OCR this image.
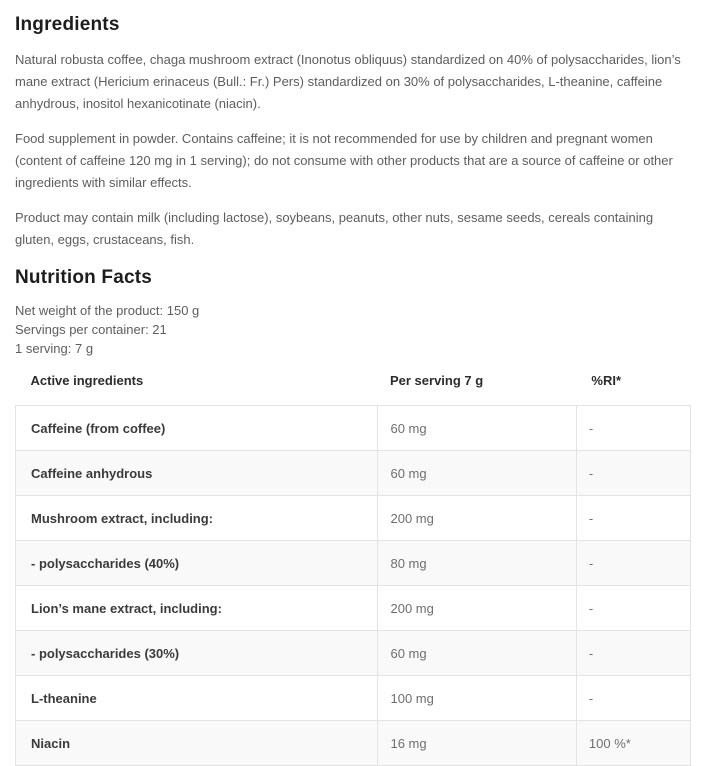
Ingredients

Natural robusta coffee, chaga mushroom extract (Inonotus obliquus) standardized on 40% of polysaccharides, lion’s mane extract (Hericium erinaceus (Bull.: Fr.) Pers) standardized on 30% of polysaccharides, L-theanine, caffeine anhydrous, inositol hexanicotinate (niacin).

Food supplement in powder. Contains caffeine; it is not recommended for use by children and pregnant women (content of caffeine 120 mg in 1 serving); do not consume with other products that are a source of caffeine or other ingredients with similar effects.

Product may contain milk (including lactose), soybeans, peanuts, other nuts, sesame seeds, cereals containing gluten, eggs, crustaceans, fish.

Nutrition Facts
Net weight of the product: 150 g
Servings per container: 21
1 serving: 7 g
Active ingredients	Per serving 7 g	%RI*
Caffeine (from coffee)	60 mg	-
Caffeine anhydrous	60 mg	-
Mushroom extract, including:	200 mg	-
- polysaccharides (40%)	80 mg	-
Lion’s mane extract, including:	200 mg	-
- polysaccharides (30%)	60 mg	-
L-theanine	100 mg	-
Niacin	16 mg	100 %*
